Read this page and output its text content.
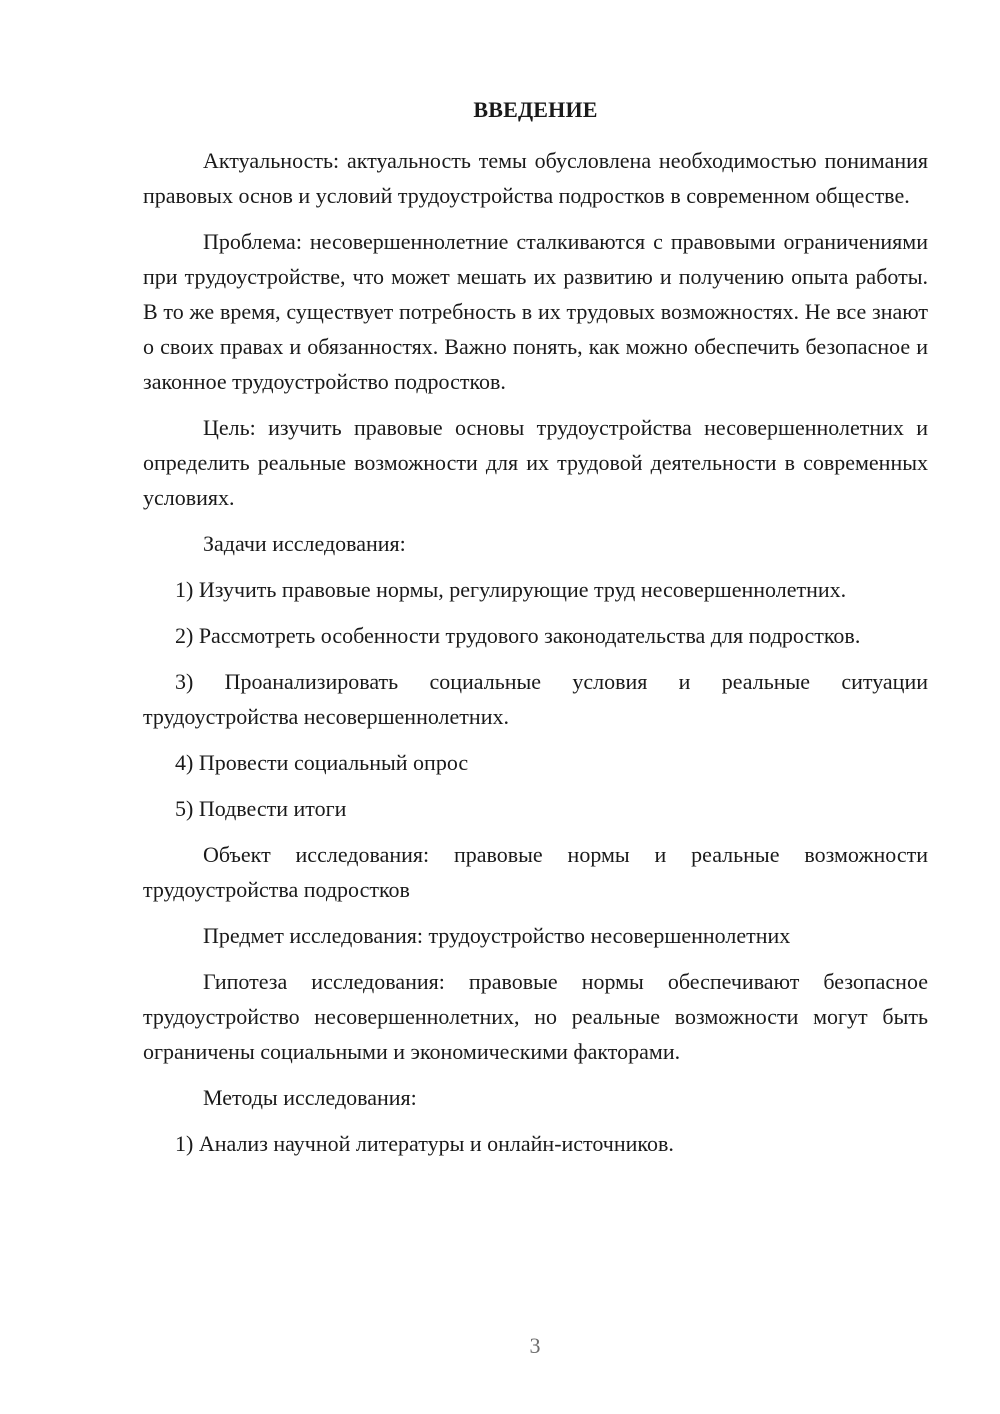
ВВЕДЕНИЕ

Актуальность: актуальность темы обусловлена необходимостью понимания правовых основ и условий трудоустройства подростков в современном обществе.

Проблема: несовершеннолетние сталкиваются с правовыми ограничениями при трудоустройстве, что может мешать их развитию и получению опыта работы. В то же время, существует потребность в их трудовых возможностях. Не все знают о своих правах и обязанностях. Важно понять, как можно обеспечить безопасное и законное трудоустройство подростков.

Цель: изучить правовые основы трудоустройства несовершеннолетних и определить реальные возможности для их трудовой деятельности в современных условиях.

Задачи исследования:

1) Изучить правовые нормы, регулирующие труд несовершеннолетних.

2) Рассмотреть особенности трудового законодательства для подростков.

3) Проанализировать социальные условия и реальные ситуации трудоустройства несовершеннолетних.

4) Провести социальный опрос

5) Подвести итоги

Объект исследования: правовые нормы и реальные возможности трудоустройства подростков

Предмет исследования: трудоустройство несовершеннолетних

Гипотеза исследования: правовые нормы обеспечивают безопасное трудоустройство несовершеннолетних, но реальные возможности могут быть ограничены социальными и экономическими факторами.

Методы исследования:

1) Анализ научной литературы и онлайн-источников.

3
